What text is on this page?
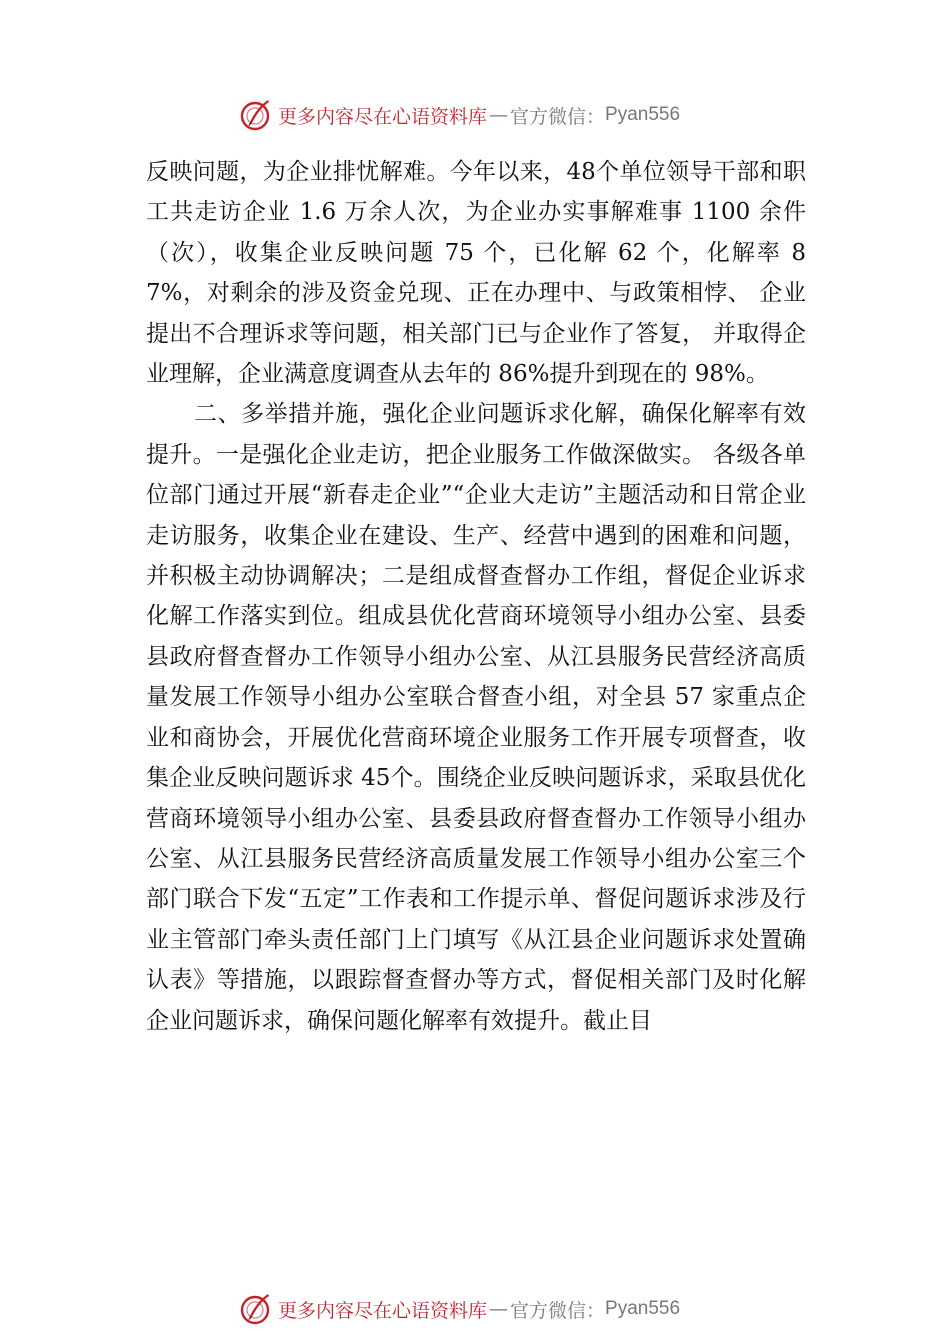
更多内容尽在心语资料库 — 官方微信： Pyan556

反映问题，为企业排忧解难。今年以来，48个单位领导干部和职工共走访企业 1.6 万余人次，为企业办实事解难事 1100 余件（次），收集企业反映问题 75 个，已化解 62 个，化解率 87%，对剩余的涉及资金兑现、正在办理中、与政策相悖、 企业提出不合理诉求等问题，相关部门已与企业作了答复， 并取得企业理解，企业满意度调查从去年的 86%提升到现在的 98%。

二、多举措并施，强化企业问题诉求化解，确保化解率有效提升。一是强化企业走访，把企业服务工作做深做实。 各级各单位部门通过开展“新春走企业”“企业大走访”主题活动和日常企业走访服务，收集企业在建设、生产、经营中遇到的困难和问题，并积极主动协调解决；二是组成督查督办工作组，督促企业诉求化解工作落实到位。组成县优化营商环境领导小组办公室、县委县政府督查督办工作领导小组办公室、从江县服务民营经济高质量发展工作领导小组办公室联合督查小组，对全县 57 家重点企业和商协会，开展优化营商环境企业服务工作开展专项督查，收集企业反映问题诉求 45个。围绕企业反映问题诉求，采取县优化营商环境领导小组办公室、县委县政府督查督办工作领导小组办公室、从江县服务民营经济高质量发展工作领导小组办公室三个部门联合下发“五定”工作表和工作提示单、督促问题诉求涉及行业主管部门牵头责任部门上门填写《从江县企业问题诉求处置确认表》等措施，以跟踪督查督办等方式，督促相关部门及时化解企业问题诉求，确保问题化解率有效提升。截止目

更多内容尽在心语资料库 — 官方微信： Pyan556
